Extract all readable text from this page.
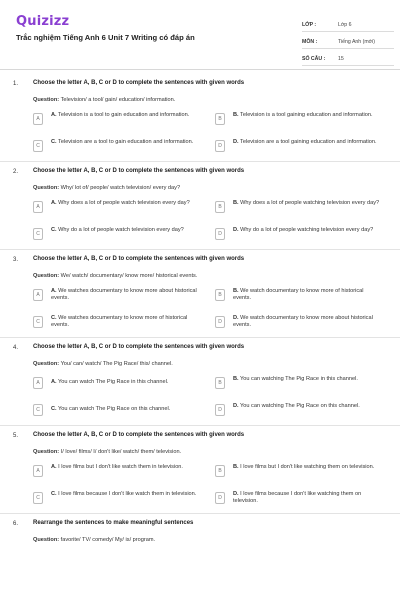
Quizizz
Trắc nghiệm Tiếng Anh 6 Unit 7 Writing có đáp án
LỚP :	Lớp 6
MÔN :	Tiếng Anh (mới)
SỐ CÂU :	15
1. Choose the letter A, B, C or D to complete the sentences with given words
Question: Television/ a tool/ gain/ education/ information.
A
A. Television is a tool to gain education and information.
B
B. Television is a tool gaining education and information.
C
C. Television are a tool to gain education and information.
D
D. Television are a tool gaining education and information.
2. Choose the letter A, B, C or D to complete the sentences with given words
Question: Why/ lot of/ people/ watch television/ every day?
A
A. Why does a lot of people watch television every day?
B
B. Why does a lot of people watching television every day?
C
C. Why do a lot of people watch television every day?
D
D. Why do a lot of people watching television every day?
3. Choose the letter A, B, C or D to complete the sentences with given words
Question: We/ watch/ documentary/ know more/ historical events.
A
A. We watches documentary to know more about historical events.	B
B. We watch documentary to know more of historical events.
C
C. We watches documentary to know more of historical events.	D
D. We watch documentary to know more about historical events.
4. Choose the letter A, B, C or D to complete the sentences with given words
Question: You/ can/ watch/ The Pig Race/ this/ channel.
A	A. You can watch The Pig Race in this channel.	B
B. You can watching The Pig Race in this channel.
C	C. You can watch The Pig Race on this channel.	D
D. You can watching The Pig Race on this channel.
5. Choose the letter A, B, C or D to complete the sentences with given words
Question: I/ love/ films/ I/ don't like/ watch/ them/ television.
A
A. I love films but I don't like watch them in television.
B
B. I love films but I don't like watching them on television.
C
C. I love films because I don't like watch them in television.
D
D. I love films because I don't like watching them on television.
6. Rearrange the sentences to make meaningful sentences
Question: favorite/ TV/ comedy/ My/ is/ program.
